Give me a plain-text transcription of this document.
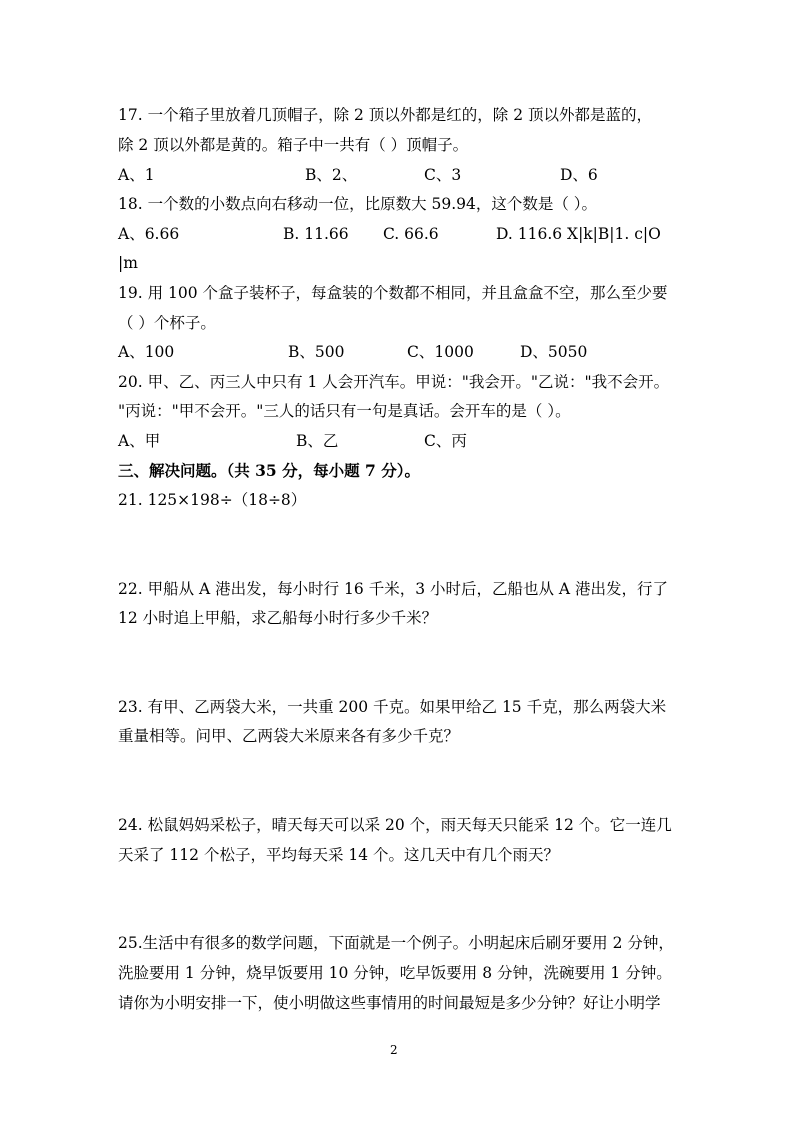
17. 一个箱子里放着几顶帽子，除 2 顶以外都是红的，除 2 顶以外都是蓝的，
除 2 顶以外都是黄的。箱子中一共有（ ）顶帽子。
A、1	B、2、	C、3	D、6
18. 一个数的小数点向右移动一位，比原数大 59.94，这个数是（ ）。
A、6.66	B. 11.66 C. 66.6	D. 116.6 X|k|B|1. c|O
|m
19. 用 100 个盒子装杯子，每盒装的个数都不相同，并且盒盒不空，那么至少要
（ ）个杯子。
A、100	B、500	C、1000	D、5050
20. 甲、乙、丙三人中只有 1 人会开汽车。甲说："我会开。"乙说："我不会开。
"丙说："甲不会开。"三人的话只有一句是真话。会开车的是（ ）。
A、甲	B、乙	C、丙
三、解决问题。（共 35 分，每小题 7 分）。
21. 125×198÷（18÷8）
22. 甲船从 A 港出发，每小时行 16 千米，3 小时后，乙船也从 A 港出发，行了
12 小时追上甲船，求乙船每小时行多少千米？
23. 有甲、乙两袋大米，一共重 200 千克。如果甲给乙 15 千克，那么两袋大米
重量相等。问甲、乙两袋大米原来各有多少千克？
24. 松鼠妈妈采松子，晴天每天可以采 20 个，雨天每天只能采 12 个。它一连几
天采了 112 个松子，平均每天采 14 个。这几天中有几个雨天？
25.生活中有很多的数学问题，下面就是一个例子。小明起床后刷牙要用 2 分钟，
洗脸要用 1 分钟，烧早饭要用 10 分钟，吃早饭要用 8 分钟，洗碗要用 1 分钟。
请你为小明安排一下，使小明做这些事情用的时间最短是多少分钟？好让小明学
2
